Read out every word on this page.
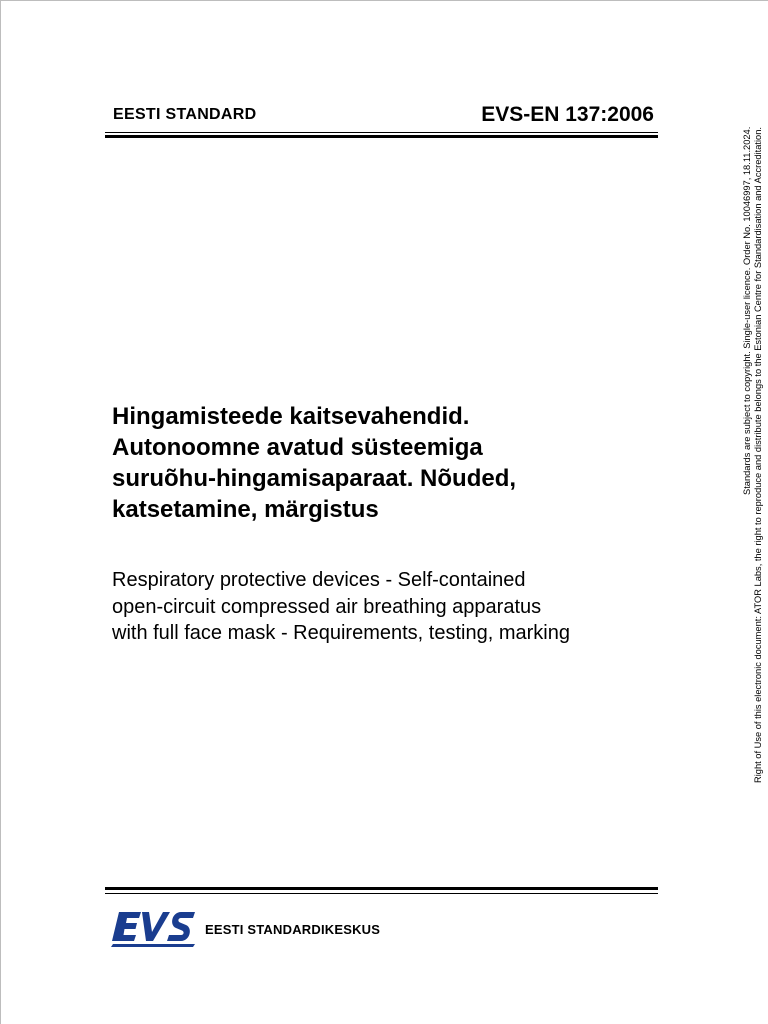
EESTI STANDARD	EVS-EN 137:2006
Hingamisteede kaitsevahendid.
Autonoomne avatud süsteemiga
suruõhu-hingamisaparaat. Nõuded,
katsetamine, märgistus
Respiratory protective devices - Self-contained
open-circuit compressed air breathing apparatus
with full face mask - Requirements, testing, marking
Standards are subject to copyright. Single-user licence. Order No. 10046997, 18.11.2024. Right of Use of this electronic document: ATOR Labs, the right to reproduce and distribute belongs to the Estonian Centre for Standardisation and Accreditation.
EVS
EESTI STANDARDIKESKUS
